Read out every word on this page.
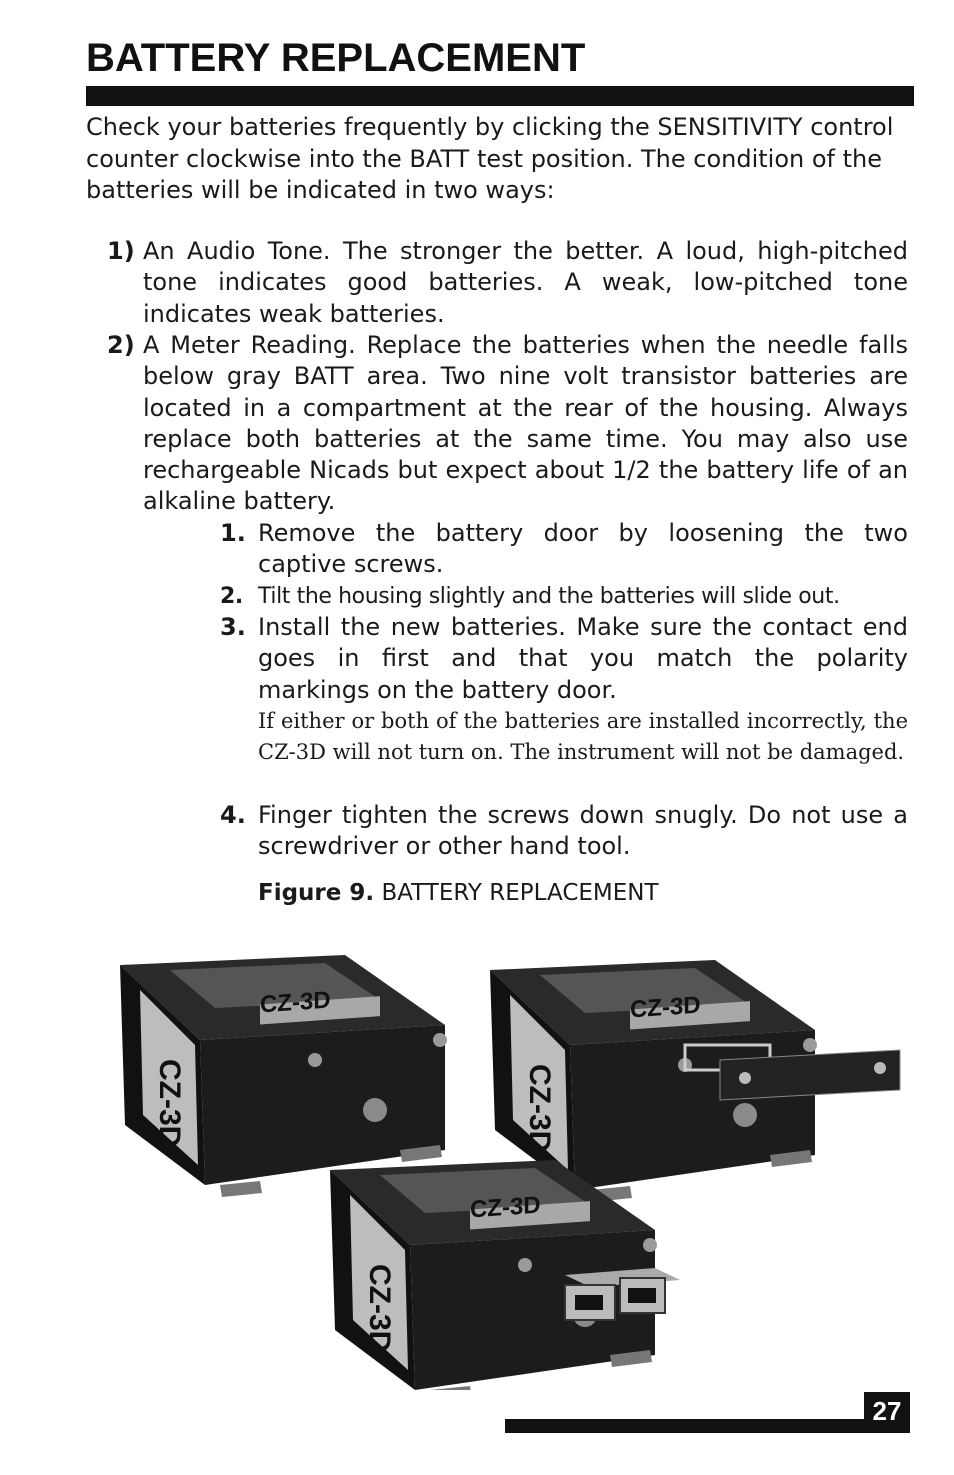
BATTERY REPLACEMENT
Check your batteries frequently by clicking the SENSITIVITY control counter clockwise into the BATT test position. The condition of the batteries will be indicated in two ways:
1) An Audio Tone. The stronger the better. A loud, high-pitched tone indicates good batteries. A weak, low-pitched tone indicates weak batteries.
2) A Meter Reading. Replace the batteries when the needle falls below gray BATT area. Two nine volt transistor batteries are located in a compartment at the rear of the housing. Always replace both batteries at the same time. You may also use rechargeable Nicads but expect about 1/2 the battery life of an alkaline battery.
1. Remove the battery door by loosening the two captive screws.
2. Tilt the housing slightly and the batteries will slide out.
3. Install the new batteries. Make sure the contact end goes in first and that you match the polarity markings on the battery door.
If either or both of the batteries are installed incorrectly, the CZ-3D will not turn on. The instrument will not be damaged.
4. Finger tighten the screws down snugly. Do not use a screwdriver or other hand tool.
Figure 9. BATTERY REPLACEMENT
CZ-3D
CZ-3D
CZ-3D
CZ-3D
CZ-3D
CZ-3D
27
